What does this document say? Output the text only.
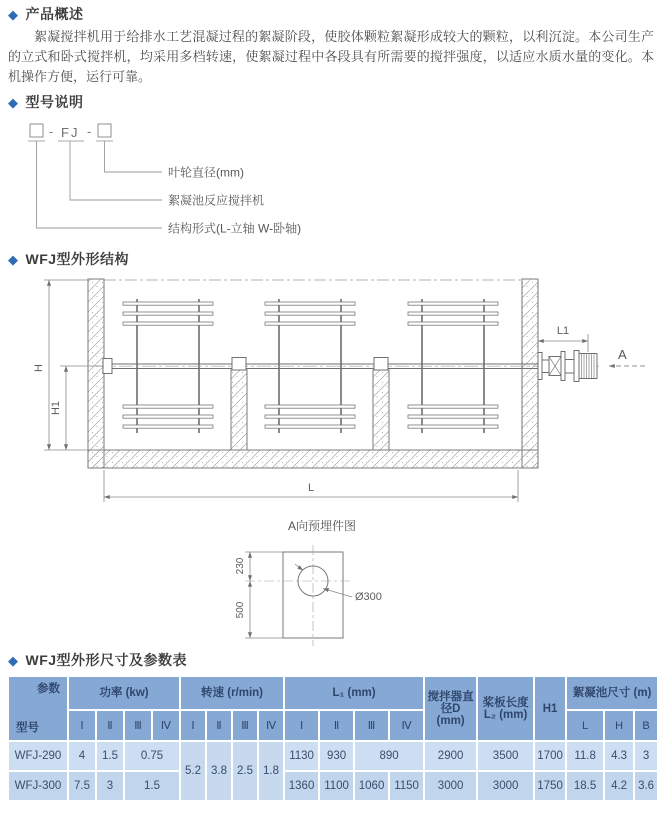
◆ 产品概述
絮凝搅拌机用于给排水工艺混凝过程的絮凝阶段，使胶体颗粒絮凝形成较大的颗粒，以利沉淀。本公司生产的立式和卧式搅拌机，均采用多档转速，使絮凝过程中各段具有所需要的搅拌强度，以适应水质水量的变化。本机操作方便，运行可靠。
◆ 型号说明
- FJ -
叶轮直径(mm)
絮凝池反应搅拌机
结构形式(L-立轴 W-卧轴)
◆ WFJ型外形结构
A
H
H1
L
L1
A向预埋件图
230
500
Ø300
◆ WFJ型外形尺寸及参数表
参数
型号	功率 (kw)				转速 (r/min)				L₁ (mm)				搅拌器直径D (mm)	桨板长度L₂ (mm)	H1	絮凝池尺寸 (m)		
	Ⅰ	Ⅱ	Ⅲ	Ⅳ	Ⅰ	Ⅱ	Ⅲ	Ⅳ	Ⅰ	Ⅱ	Ⅲ	Ⅳ				L	H	B
WFJ-290	4	1.5	0.75		5.2	3.8	2.5	1.8	1130	930	890		2900	3500	1700	11.8	4.3	3
WFJ-300	7.5	3	1.5						1360	1100	1060	1150	3000	3000	1750	18.5	4.2	3.6
